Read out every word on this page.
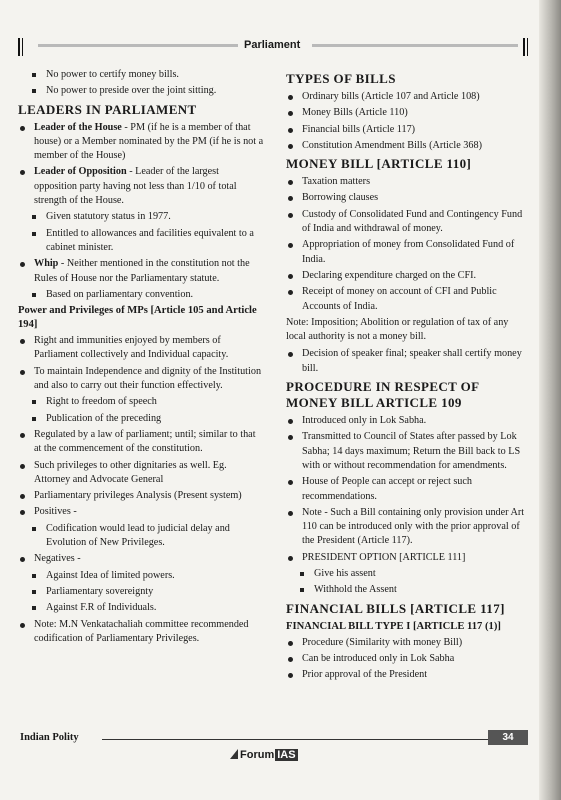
Parliament
No power to certify money bills.
No power to preside over the joint sitting.
LEADERS IN PARLIAMENT
Leader of the House - PM (if he is a member of that house) or a Member nominated by the PM (if he is not a member of the House)
Leader of Opposition - Leader of the largest opposition party having not less than 1/10 of total strength of the House.
Given statutory status in 1977.
Entitled to allowances and facilities equivalent to a cabinet minister.
Whip - Neither mentioned in the constitution not the Rules of House nor the Parliamentary statute.
Based on parliamentary convention.
Power and Privileges of MPs [Article 105 and Article 194]
Right and immunities enjoyed by members of Parliament collectively and Individual capacity.
To maintain Independence and dignity of the Institution and also to carry out their function effectively.
Right to freedom of speech
Publication of the preceding
Regulated by a law of parliament; until; similar to that at the commencement of the constitution.
Such privileges to other dignitaries as well. Eg. Attorney and Advocate General
Parliamentary privileges Analysis (Present system)
Positives -
Codification would lead to judicial delay and Evolution of New Privileges.
Negatives -
Against Idea of limited powers.
Parliamentary sovereignty
Against F.R of Individuals.
Note: M.N Venkatachaliah committee recommended codification of Parliamentary Privileges.
TYPES OF BILLS
Ordinary bills (Article 107 and Article 108)
Money Bills (Article 110)
Financial bills (Article 117)
Constitution Amendment Bills (Article 368)
MONEY BILL [ARTICLE 110]
Taxation matters
Borrowing clauses
Custody of Consolidated Fund and Contingency Fund of India and withdrawal of money.
Appropriation of money from Consolidated Fund of India.
Declaring expenditure charged on the CFI.
Receipt of money on account of CFI and Public Accounts of India.
Note: Imposition; Abolition or regulation of tax of any local authority is not a money bill.
Decision of speaker final; speaker shall certify money bill.
PROCEDURE IN RESPECT OF MONEY BILL ARTICLE 109
Introduced only in Lok Sabha.
Transmitted to Council of States after passed by Lok Sabha; 14 days maximum; Return the Bill back to LS with or without recommendation for amendments.
House of People can accept or reject such recommendations.
Note - Such a Bill containing only provision under Art 110 can be introduced only with the prior approval of the President (Article 117).
PRESIDENT OPTION [ARTICLE 111]
Give his assent
Withhold the Assent
FINANCIAL BILLS [ARTICLE 117]
FINANCIAL BILL TYPE I [ARTICLE 117 (1)]
Procedure (Similarity with money Bill)
Can be introduced only in Lok Sabha
Prior approval of the President
Indian Polity	34
Forum IAS
